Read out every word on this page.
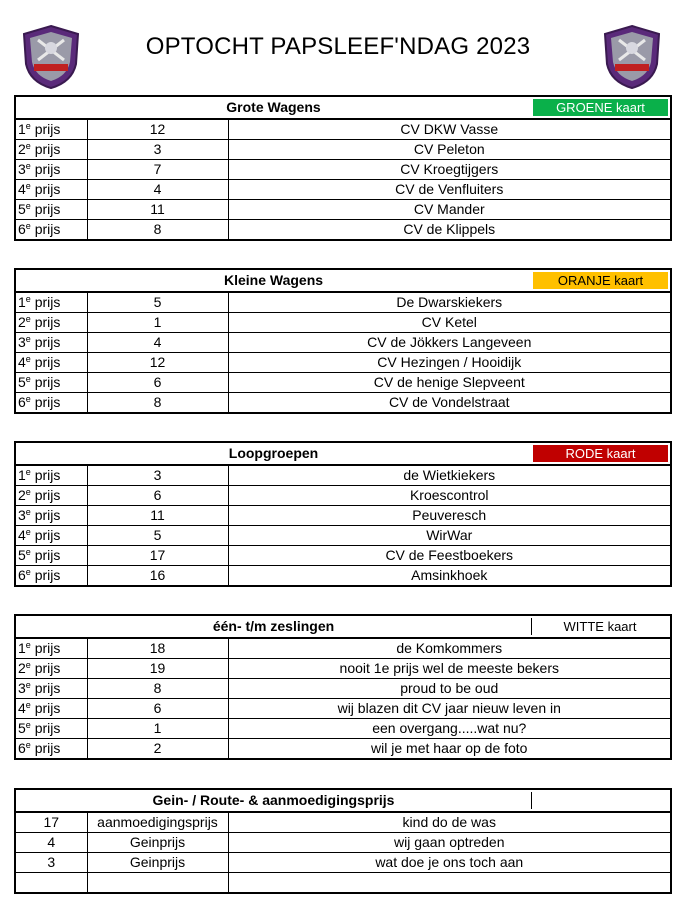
OPTOCHT PAPSLEEF'NDAG 2023
Grote Wagens			GROENE kaart

1e prijs	12	CV DKW Vasse	
2e prijs	3	CV Peleton	
3e prijs	7	CV Kroegtijgers	
4e prijs	4	CV de Venfluiters	
5e prijs	11	CV Mander	
6e prijs	8	CV de Klippels	
Kleine Wagens			ORANJE kaart

1e prijs	5	De Dwarskiekers	
2e prijs	1	CV Ketel	
3e prijs	4	CV de Jökkers Langeveen	
4e prijs	12	CV Hezingen / Hooidijk	
5e prijs	6	CV de henige Slepveent	
6e prijs	8	CV de Vondelstraat	
Loopgroepen			RODE kaart

1e prijs	3	de Wietkiekers	
2e prijs	6	Kroescontrol	
3e prijs	11	Peuveresch	
4e prijs	5	WirWar	
5e prijs	17	CV de Feestboekers	
6e prijs	16	Amsinkhoek	
één- t/m zeslingen			WITTE kaart

1e prijs	18	de Komkommers	
2e prijs	19	nooit 1e prijs wel de meeste bekers	
3e prijs	8	proud to be oud	
4e prijs	6	wij blazen dit CV jaar nieuw leven in	
5e prijs	1	een overgang.....wat nu?	
6e prijs	2	wil je met haar op de foto	
Gein- / Route- & aanmoedigingsprijs			

17	aanmoedigingsprijs	kind do de was	
4	Geinprijs	wij gaan optreden	
3	Geinprijs	wat doe je ons toch aan	
